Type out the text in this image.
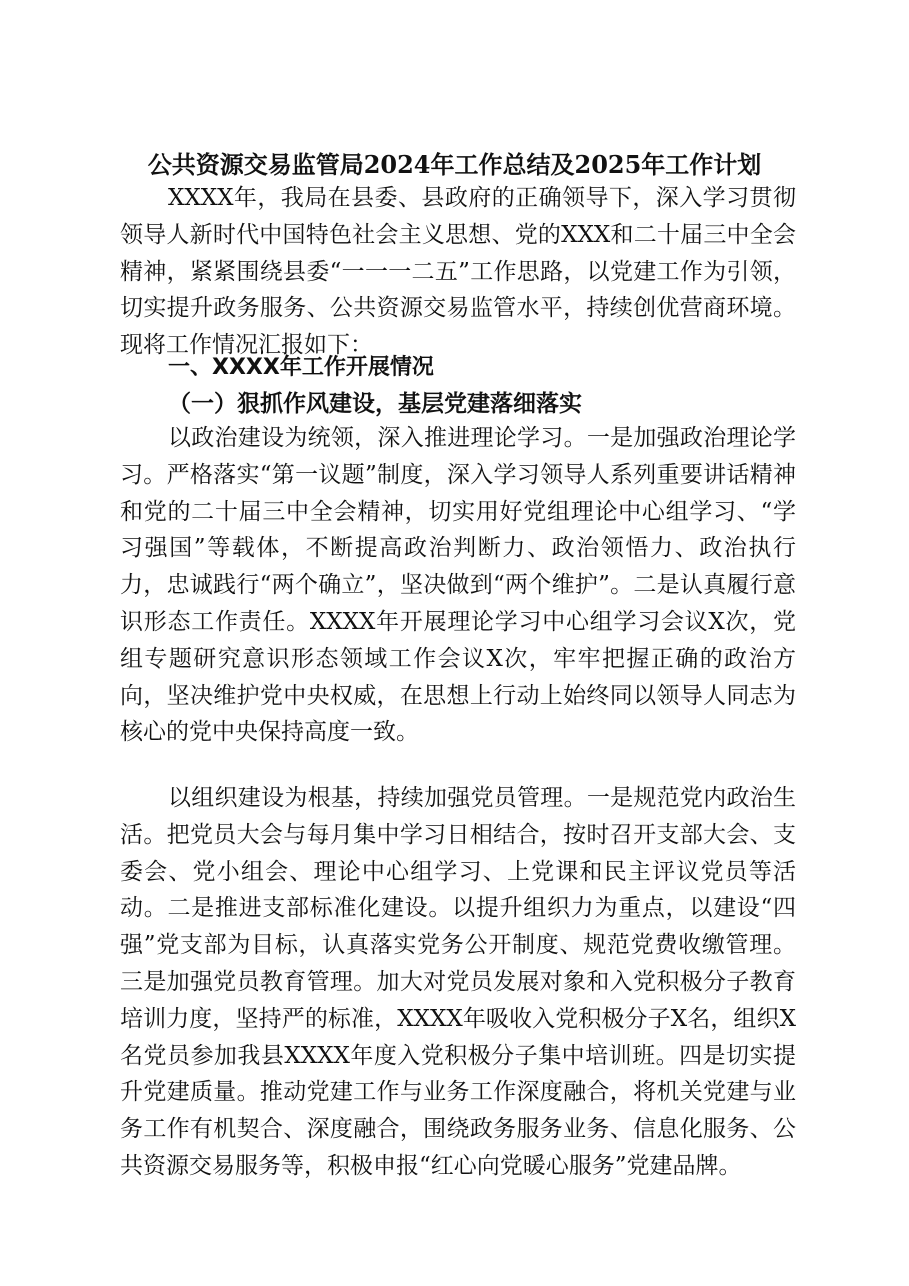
公共资源交易监管局2024年工作总结及2025年工作计划
XXXX年，我局在县委、县政府的正确领导下，深入学习贯彻领导人新时代中国特色社会主义思想、党的XXX和二十届三中全会精神，紧紧围绕县委“一一一二五”工作思路，以党建工作为引领，切实提升政务服务、公共资源交易监管水平，持续创优营商环境。现将工作情况汇报如下：
一、XXXX年工作开展情况
（一）狠抓作风建设，基层党建落细落实
以政治建设为统领，深入推进理论学习。一是加强政治理论学习。严格落实“第一议题”制度，深入学习领导人系列重要讲话精神和党的二十届三中全会精神，切实用好党组理论中心组学习、“学习强国”等载体，不断提高政治判断力、政治领悟力、政治执行力，忠诚践行“两个确立”，坚决做到“两个维护”。二是认真履行意识形态工作责任。XXXX年开展理论学习中心组学习会议X次，党组专题研究意识形态领域工作会议X次，牢牢把握正确的政治方向，坚决维护党中央权威，在思想上行动上始终同以领导人同志为核心的党中央保持高度一致。
以组织建设为根基，持续加强党员管理。一是规范党内政治生活。把党员大会与每月集中学习日相结合，按时召开支部大会、支委会、党小组会、理论中心组学习、上党课和民主评议党员等活动。二是推进支部标准化建设。以提升组织力为重点，以建设“四强”党支部为目标，认真落实党务公开制度、规范党费收缴管理。三是加强党员教育管理。加大对党员发展对象和入党积极分子教育培训力度，坚持严的标准，XXXX年吸收入党积极分子X名，组织X名党员参加我县XXXX年度入党积极分子集中培训班。四是切实提升党建质量。推动党建工作与业务工作深度融合，将机关党建与业务工作有机契合、深度融合，围绕政务服务业务、信息化服务、公共资源交易服务等，积极申报“红心向党暖心服务”党建品牌。
